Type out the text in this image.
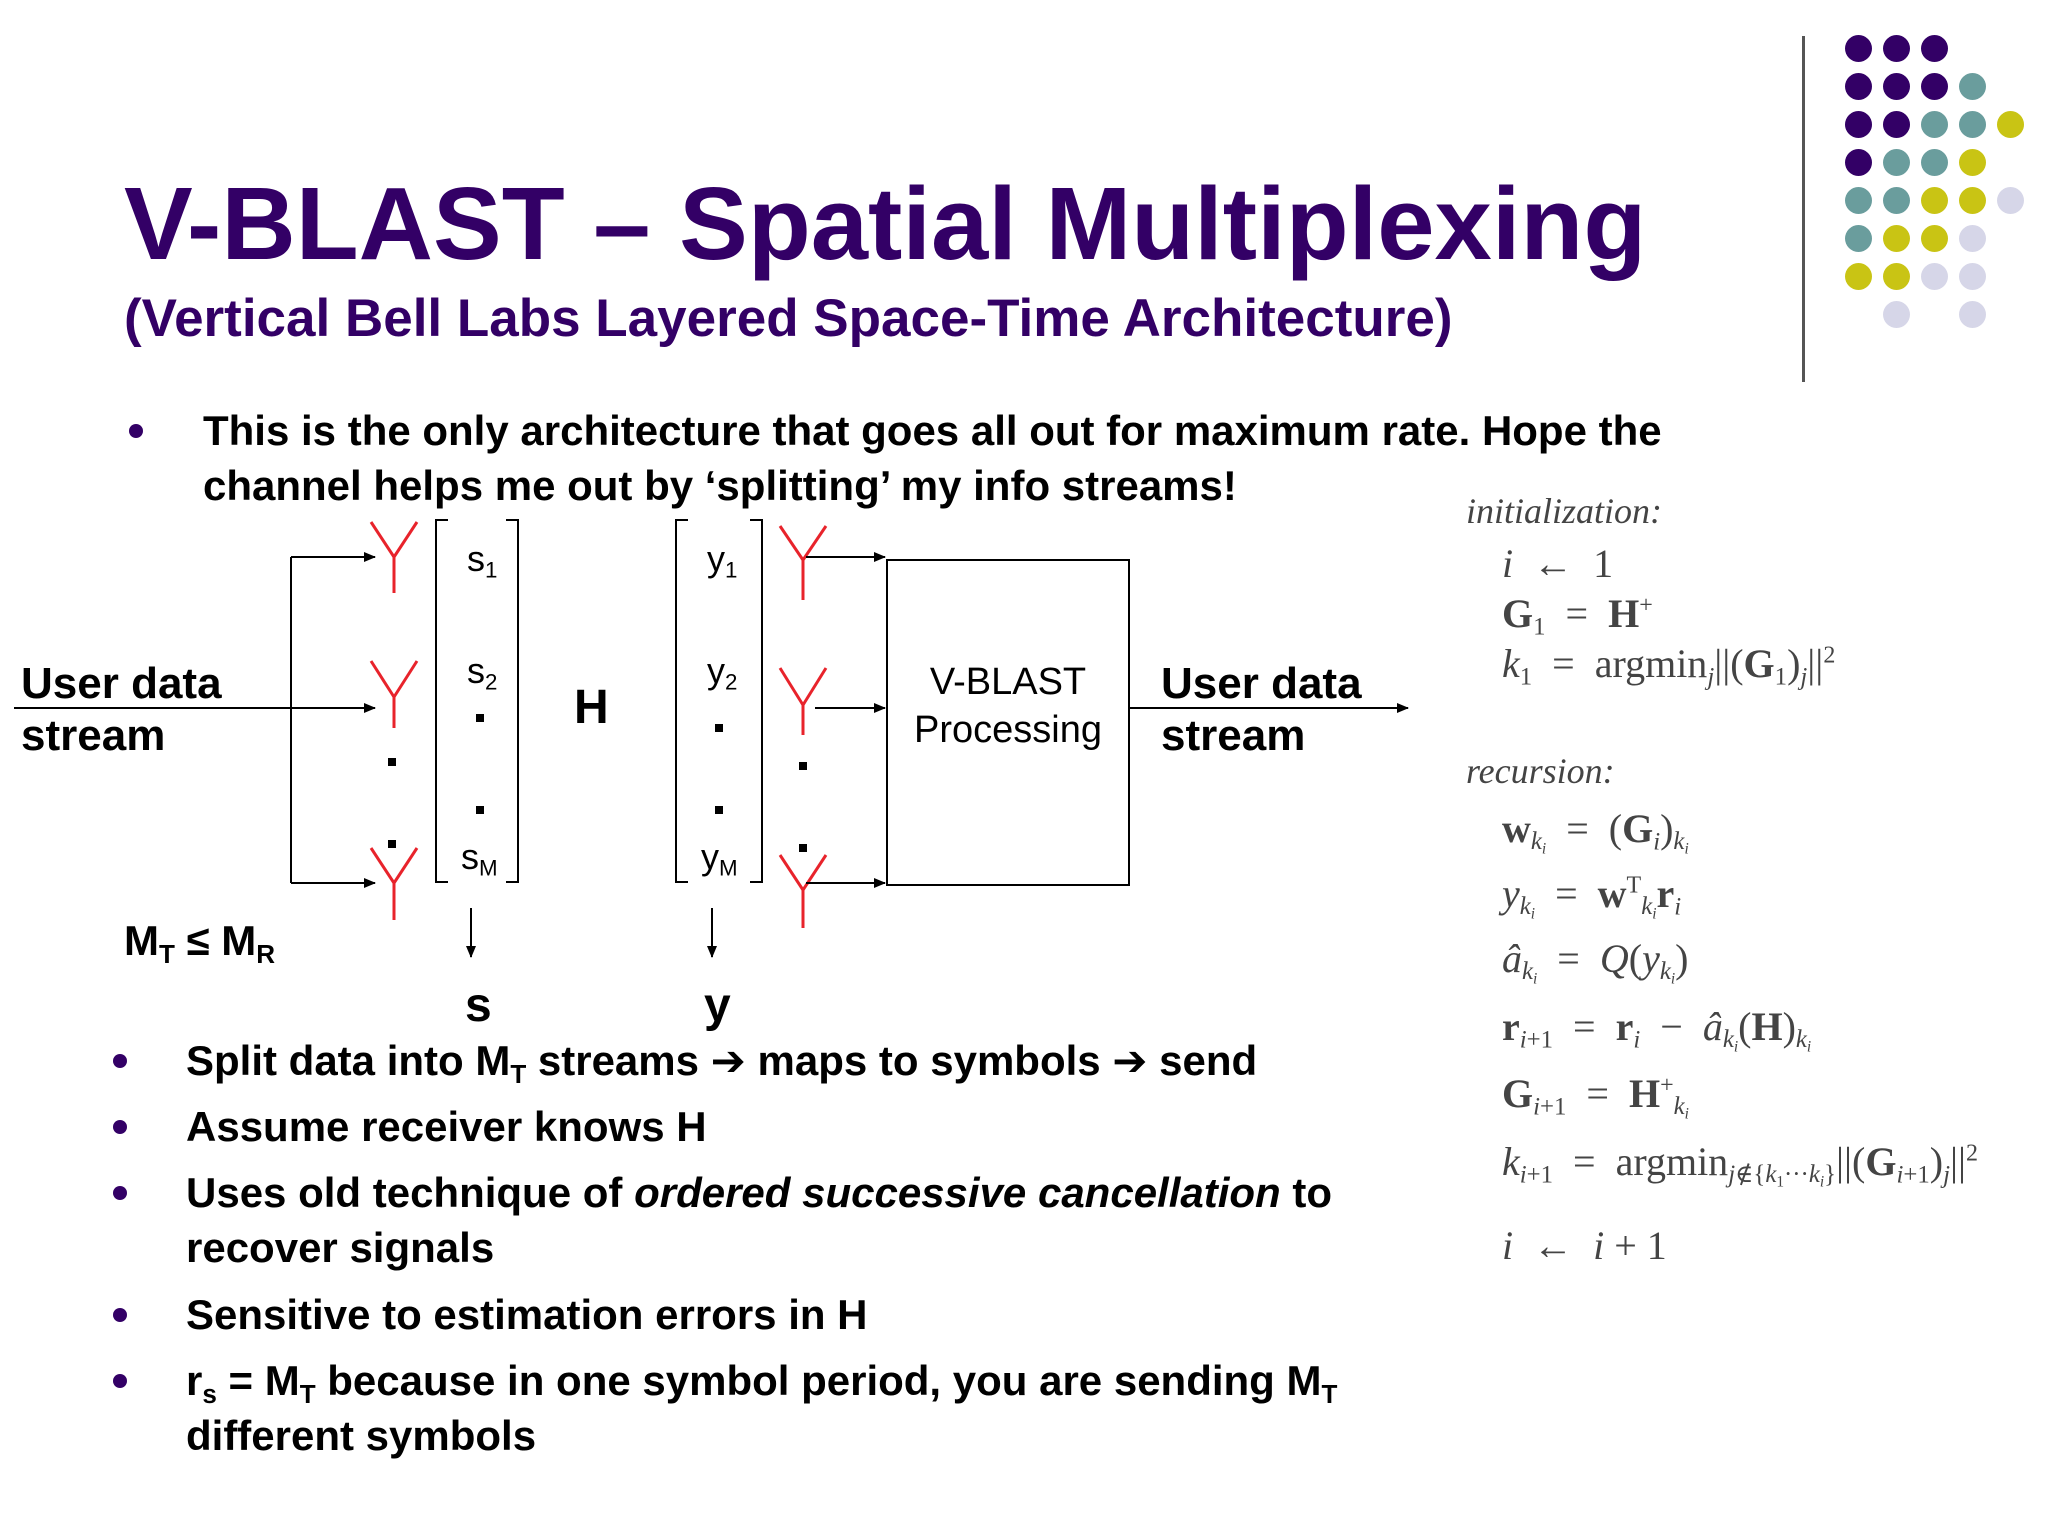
V-BLAST – Spatial Multiplexing
(Vertical Bell Labs Layered Space-Time Architecture)
This is the only architecture that goes all out for maximum rate. Hope the
channel helps me out by ‘splitting’ my info streams!
User data
stream
User data
stream
$s_1$
$s_2$
$s_M$
$y_1$
$y_2$
$y_M$
H	V-BLAST
Processing
s	y
$M_T \le M_R$
initialization:
i  ←  1
$G_1 = H^+$
$k_1 = argmin_j||(G_1)_j||^2$
recursion:
$w_{k_i} = (G_i)_{k_i}$
$y_{k_i} = w^T_{k_i}r_i$
$â_{k_i} = Q(y_{k_i})$
$r_{i+1} = r_i$  −  $â_{k_i}(H)_{k_i}$
$G_{i+1} = H^+_{k_i}$
$k_{i+1} = argmin_{j\notin\{k_1\cdot\cdot\cdot k_i\}}||(G_{i+1})_j||^2$
i  ←  i + 1
Split data into $M_T$ streams ➔ maps to symbols ➔ send
Assume receiver knows H
Uses old technique of ordered successive cancellation to
recover signals
Sensitive to estimation errors in H
$r_s = M_T$ because in one symbol period, you are sending $M_T$
different symbols
